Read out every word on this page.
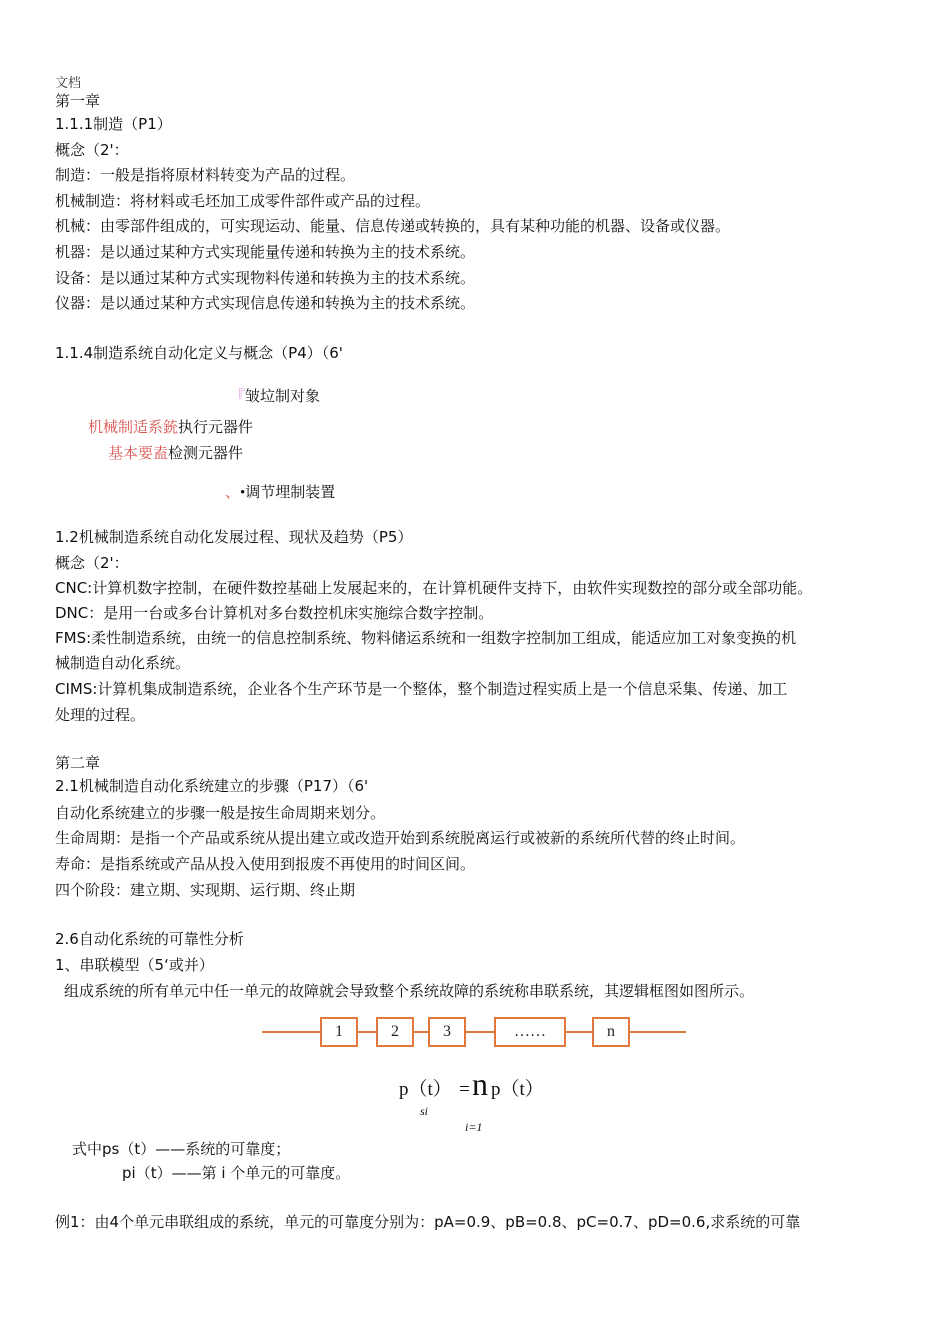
文档
第一章
1.1.1制造（P1）
概念（2'：
制造：一般是指将原材料转变为产品的过程。
机械制造：将材料或毛坯加工成零件部件或产品的过程。
机械：由零部件组成的，可实现运动、能量、信息传递或转换的，具有某种功能的机器、设备或仪器。
机器：是以通过某种方式实现能量传递和转换为主的技术系统。
设备：是以通过某种方式实现物料传递和转换为主的技术系统。
仪器：是以通过某种方式实现信息传递和转换为主的技术系统。
1.1.4制造系统自动化定义与概念（P4）（6'
『皱垃制对象
机械制适系銃执行元器件
基本要盍检测元器件
、•调节埋制装置
1.2机械制造系统自动化发展过程、现状及趋势（P5）
概念（2'：
CNC:计算机数字控制，在硬件数控基础上发展起来的，在计算机硬件支持下，由软件实现数控的部分或全部功能。
DNC：是用一台或多台计算机对多台数控机床实施综合数字控制。
FMS:柔性制造系统，由统一的信息控制系统、物料储运系统和一组数字控制加工组成，能适应加工对象变换的机
械制造自动化系统。
CIMS:计算机集成制造系统，企业各个生产环节是一个整体，整个制造过程实质上是一个信息采集、传递、加工
处理的过程。
第二章
2.1机械制造自动化系统建立的步骤（P17）（6'
自动化系统建立的步骤一般是按生命周期来划分。
生命周期：是指一个产品或系统从提出建立或改造开始到系统脱离运行或被新的系统所代替的终止时间。
寿命：是指系统或产品从投入使用到报废不再使用的时间区间。
四个阶段：建立期、实现期、运行期、终止期
2.6自动化系统的可靠性分析
1、串联模型（5‘或并）
组成系统的所有单元中任一单元的故障就会导致整个系统故障的系统称串联系统，其逻辑框图如图所示。
1	2	3	……	n
p（t）
si
= n p（t）
i=1
式中ps（t）——系统的可靠度；
pi（t）——第 i 个单元的可靠度。
例1：由4个单元串联组成的系统，单元的可靠度分别为：pA=0.9、pB=0.8、pC=0.7、pD=0.6,求系统的可靠
